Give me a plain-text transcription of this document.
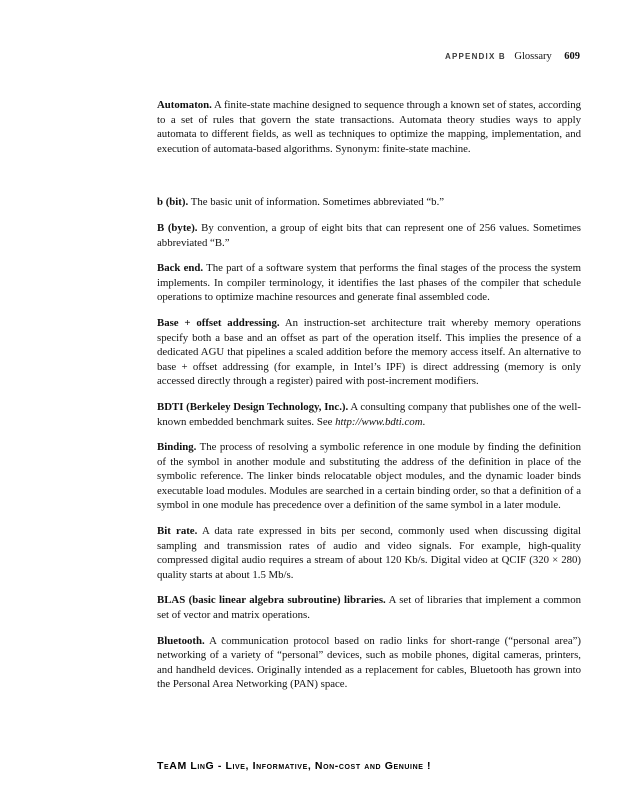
APPENDIX B Glossary 609

Automaton. A finite-state machine designed to sequence through a known set of states, according to a set of rules that govern the state transactions. Automata theory studies ways to apply automata to different fields, as well as techniques to optimize the mapping, implementation, and execution of automata-based algorithms. Synonym: finite-state machine.

b (bit). The basic unit of information. Sometimes abbreviated “b.”

B (byte). By convention, a group of eight bits that can represent one of 256 values. Sometimes abbreviated “B.”

Back end. The part of a software system that performs the final stages of the process the system implements. In compiler terminology, it identifies the last phases of the compiler that schedule operations to optimize machine resources and generate final assembled code.

Base + offset addressing. An instruction-set architecture trait whereby memory operations specify both a base and an offset as part of the operation itself. This implies the presence of a dedicated AGU that pipelines a scaled addition before the memory access itself. An alternative to base + offset addressing (for example, in Intel’s IPF) is direct addressing (memory is only accessed directly through a register) paired with post-increment modifiers.

BDTI (Berkeley Design Technology, Inc.). A consulting company that publishes one of the well-known embedded benchmark suites. See http://www.bdti.com.

Binding. The process of resolving a symbolic reference in one module by finding the definition of the symbol in another module and substituting the address of the definition in place of the symbolic reference. The linker binds relocatable object modules, and the dynamic loader binds executable load modules. Modules are searched in a certain binding order, so that a definition of a symbol in one module has precedence over a definition of the same symbol in a later module.

Bit rate. A data rate expressed in bits per second, commonly used when discussing digital sampling and transmission rates of audio and video signals. For example, high-quality compressed digital audio requires a stream of about 120 Kb/s. Digital video at QCIF (320 × 280) quality starts at about 1.5 Mb/s.

BLAS (basic linear algebra subroutine) libraries. A set of libraries that implement a common set of vector and matrix operations.

Bluetooth. A communication protocol based on radio links for short-range (“personal area”) networking of a variety of “personal” devices, such as mobile phones, digital cameras, printers, and handheld devices. Originally intended as a replacement for cables, Bluetooth has grown into the Personal Area Networking (PAN) space.

TeAM LinG - Live, Informative, Non-cost and Genuine !
